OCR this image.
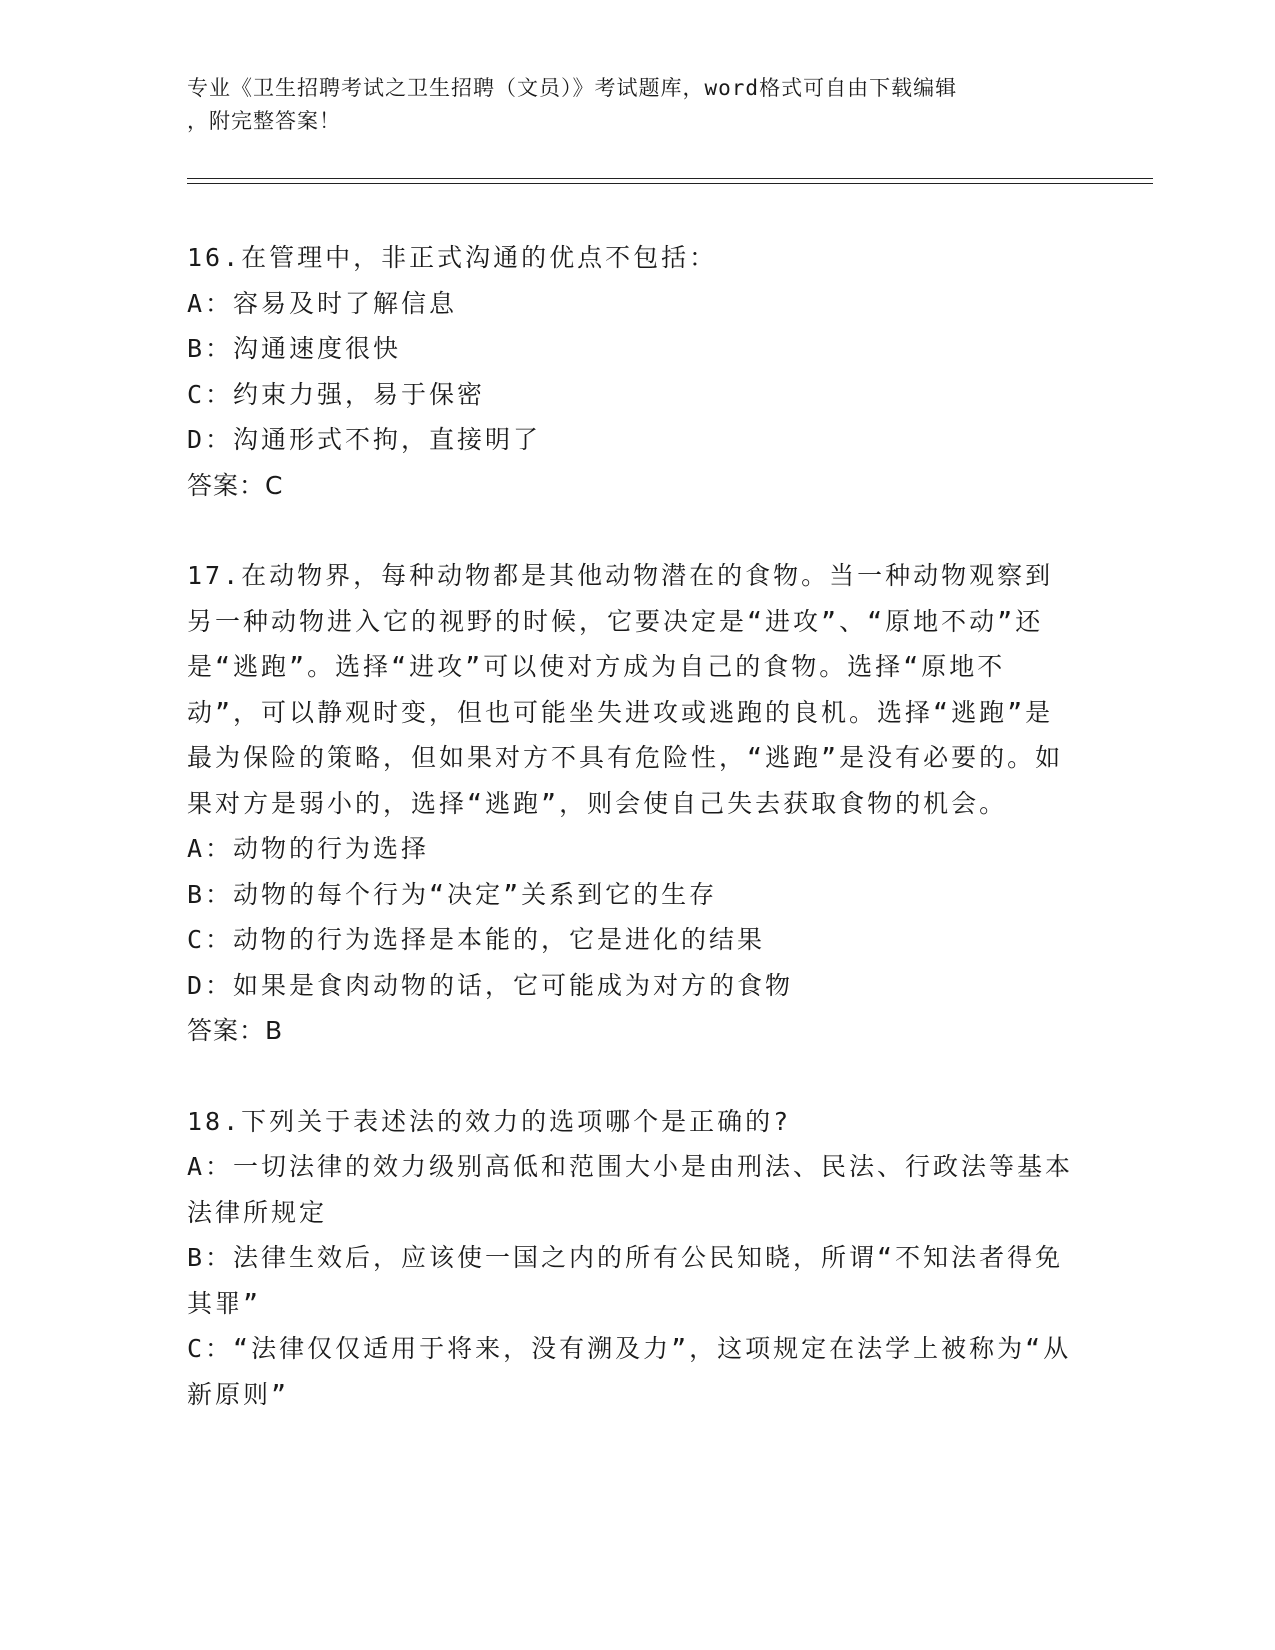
专业《卫生招聘考试之卫生招聘（文员）》考试题库，word格式可自由下载编辑
，附完整答案！

16.在管理中，非正式沟通的优点不包括：

A：容易及时了解信息

B：沟通速度很快

C：约束力强，易于保密

D：沟通形式不拘，直接明了

答案：C

17.在动物界，每种动物都是其他动物潜在的食物。当一种动物观察到另一种动物进入它的视野的时候，它要决定是“进攻”、“原地不动”还是“逃跑”。选择“进攻”可以使对方成为自己的食物。选择“原地不动”，可以静观时变，但也可能坐失进攻或逃跑的良机。选择“逃跑”是最为保险的策略，但如果对方不具有危险性，“逃跑”是没有必要的。如果对方是弱小的，选择“逃跑”，则会使自己失去获取食物的机会。

A：动物的行为选择

B：动物的每个行为“决定”关系到它的生存

C：动物的行为选择是本能的，它是进化的结果

D：如果是食肉动物的话，它可能成为对方的食物

答案：B

18.下列关于表述法的效力的选项哪个是正确的?

A：一切法律的效力级别高低和范围大小是由刑法、民法、行政法等基本法律所规定

B：法律生效后，应该使一国之内的所有公民知晓，所谓“不知法者得免其罪”

C：“法律仅仅适用于将来，没有溯及力”，这项规定在法学上被称为“从新原则”
